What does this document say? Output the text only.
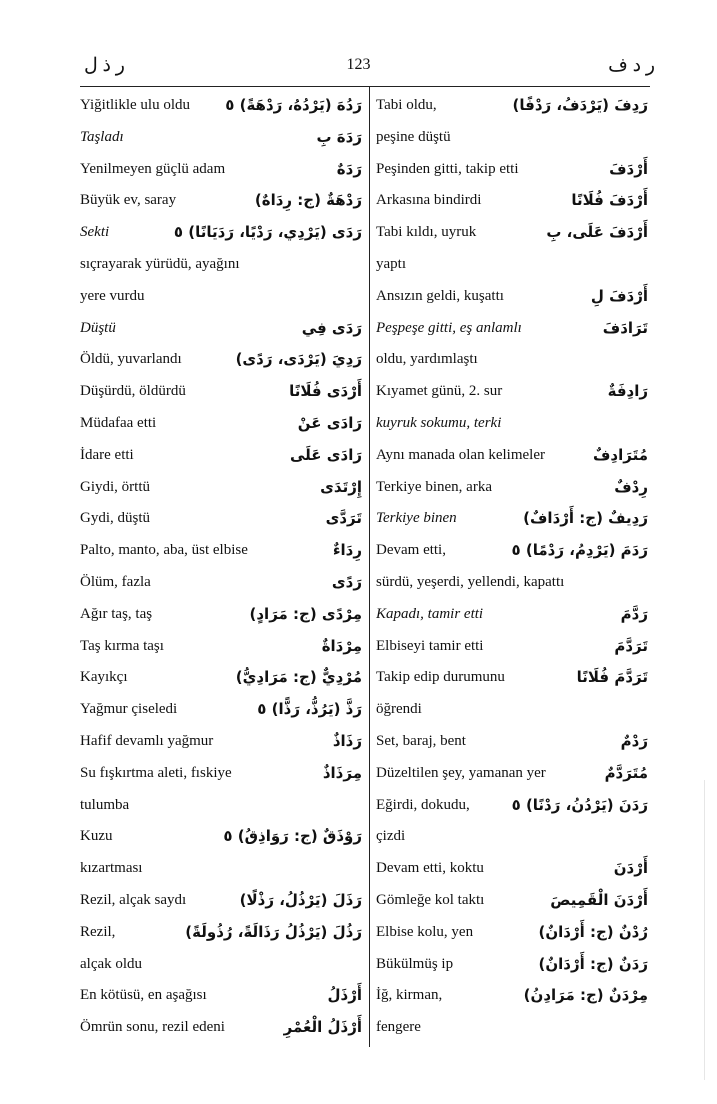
ر ذ ل	123	ر د ف
Yiğitlikle ulu oldu رَدُهَ (يَرْدُهُ، رَدْهَةً) ٥
Taşladı	رَدَهَ بِ
Yenilmeyen güçlü adam	رَدَهٌ
Büyük ev, saray	رَدْهَةٌ (ج: رِدَاهٌ)
Sekti	رَدَى (يَرْدِي، رَدْيًا، رَدَيَانًا) ٥
sıçrayarak yürüdü, ayağını
yere vurdu
Düştü	رَدَى فِي
Öldü, yuvarlandı	رَدِيَ (يَرْدَى، رَدًى)
Düşürdü, öldürdü	أَرْدَى فُلَانًا
Müdafaa etti	رَادَى عَنْ
İdare etti	رَادَى عَلَى
Giydi, örttü	إِرْتَدَى
Gydi, düştü	تَرَدَّى
Palto, manto, aba, üst elbise	رِدَاءٌ
Ölüm, fazla	رَدًى
Ağır taş, taş	مِرْدًى (ج: مَرَادٍ)
Taş kırma taşı	مِرْدَاةٌ
Kayıkçı	مُرْدِيٌّ (ج: مَرَادِيُّ)
Yağmur çiseledi	رَذَّ (يَرُذُّ، رَذًّا) ٥
Hafif devamlı yağmur	رَذَاذٌ
Su fışkırtma aleti, fıskiye	مِرَذَاذٌ
tulumba
Kuzu	رَوْذَقٌ (ج: رَوَاذِقُ) ٥
kızartması
Rezil, alçak saydı	رَذَلَ (يَرْذُلُ، رَذْلًا)
Rezil,	رَذُلَ (يَرْذُلُ رَذَالَةً، رُذُولَةً)
alçak oldu
En kötüsü, en aşağısı	أَرْذَلُ
Ömrün sonu, rezil edeni	أَرْذَلُ الْعُمْرِ
Tabi oldu,	رَدِفَ (يَرْدَفُ، رَدْفًا)
peşine düştü
Peşinden gitti, takip etti	أَرْدَفَ
Arkasına bindirdi	أَرْدَفَ فُلَانًا
Tabi kıldı, uyruk	أَرْدَفَ عَلَى، بِ
yaptı
Ansızın geldi, kuşattı	أَرْدَفَ لِ
Peşpeşe gitti, eş anlamlı	تَرَادَفَ
oldu, yardımlaştı
Kıyamet günü, 2. sur	رَادِفَةٌ
kuyruk sokumu, terki
Aynı manada olan kelimeler	مُتَرَادِفٌ
Terkiye binen, arka	رِدْفٌ
Terkiye binen	رَدِيفٌ (ج: أَرْدَافٌ)
Devam etti,	رَدَمَ (يَرْدِمُ، رَدْمًا) ٥
sürdü, yeşerdi, yellendi, kapattı
Kapadı, tamir etti	رَدَّمَ
Elbiseyi tamir etti	تَرَدَّمَ
Takip edip durumunu	تَرَدَّمَ فُلَانًا
öğrendi
Set, baraj, bent	رَدْمٌ
Düzeltilen şey, yamanan yer	مُتَرَدَّمٌ
Eğirdi, dokudu,	رَدَنَ (يَرْدُنُ، رَدْنًا) ٥
çizdi
Devam etti, koktu	أَرْدَنَ
Gömleğe kol taktı	أَرْدَنَ الْقَمِيصَ
Elbise kolu, yen	رُدْنٌ (ج: أَرْدَانٌ)
Bükülmüş ip	رَدَنٌ (ج: أَرْدَانٌ)
İğ, kirman,	مِرْدَنٌ (ج: مَرَادِنُ)
fengere
